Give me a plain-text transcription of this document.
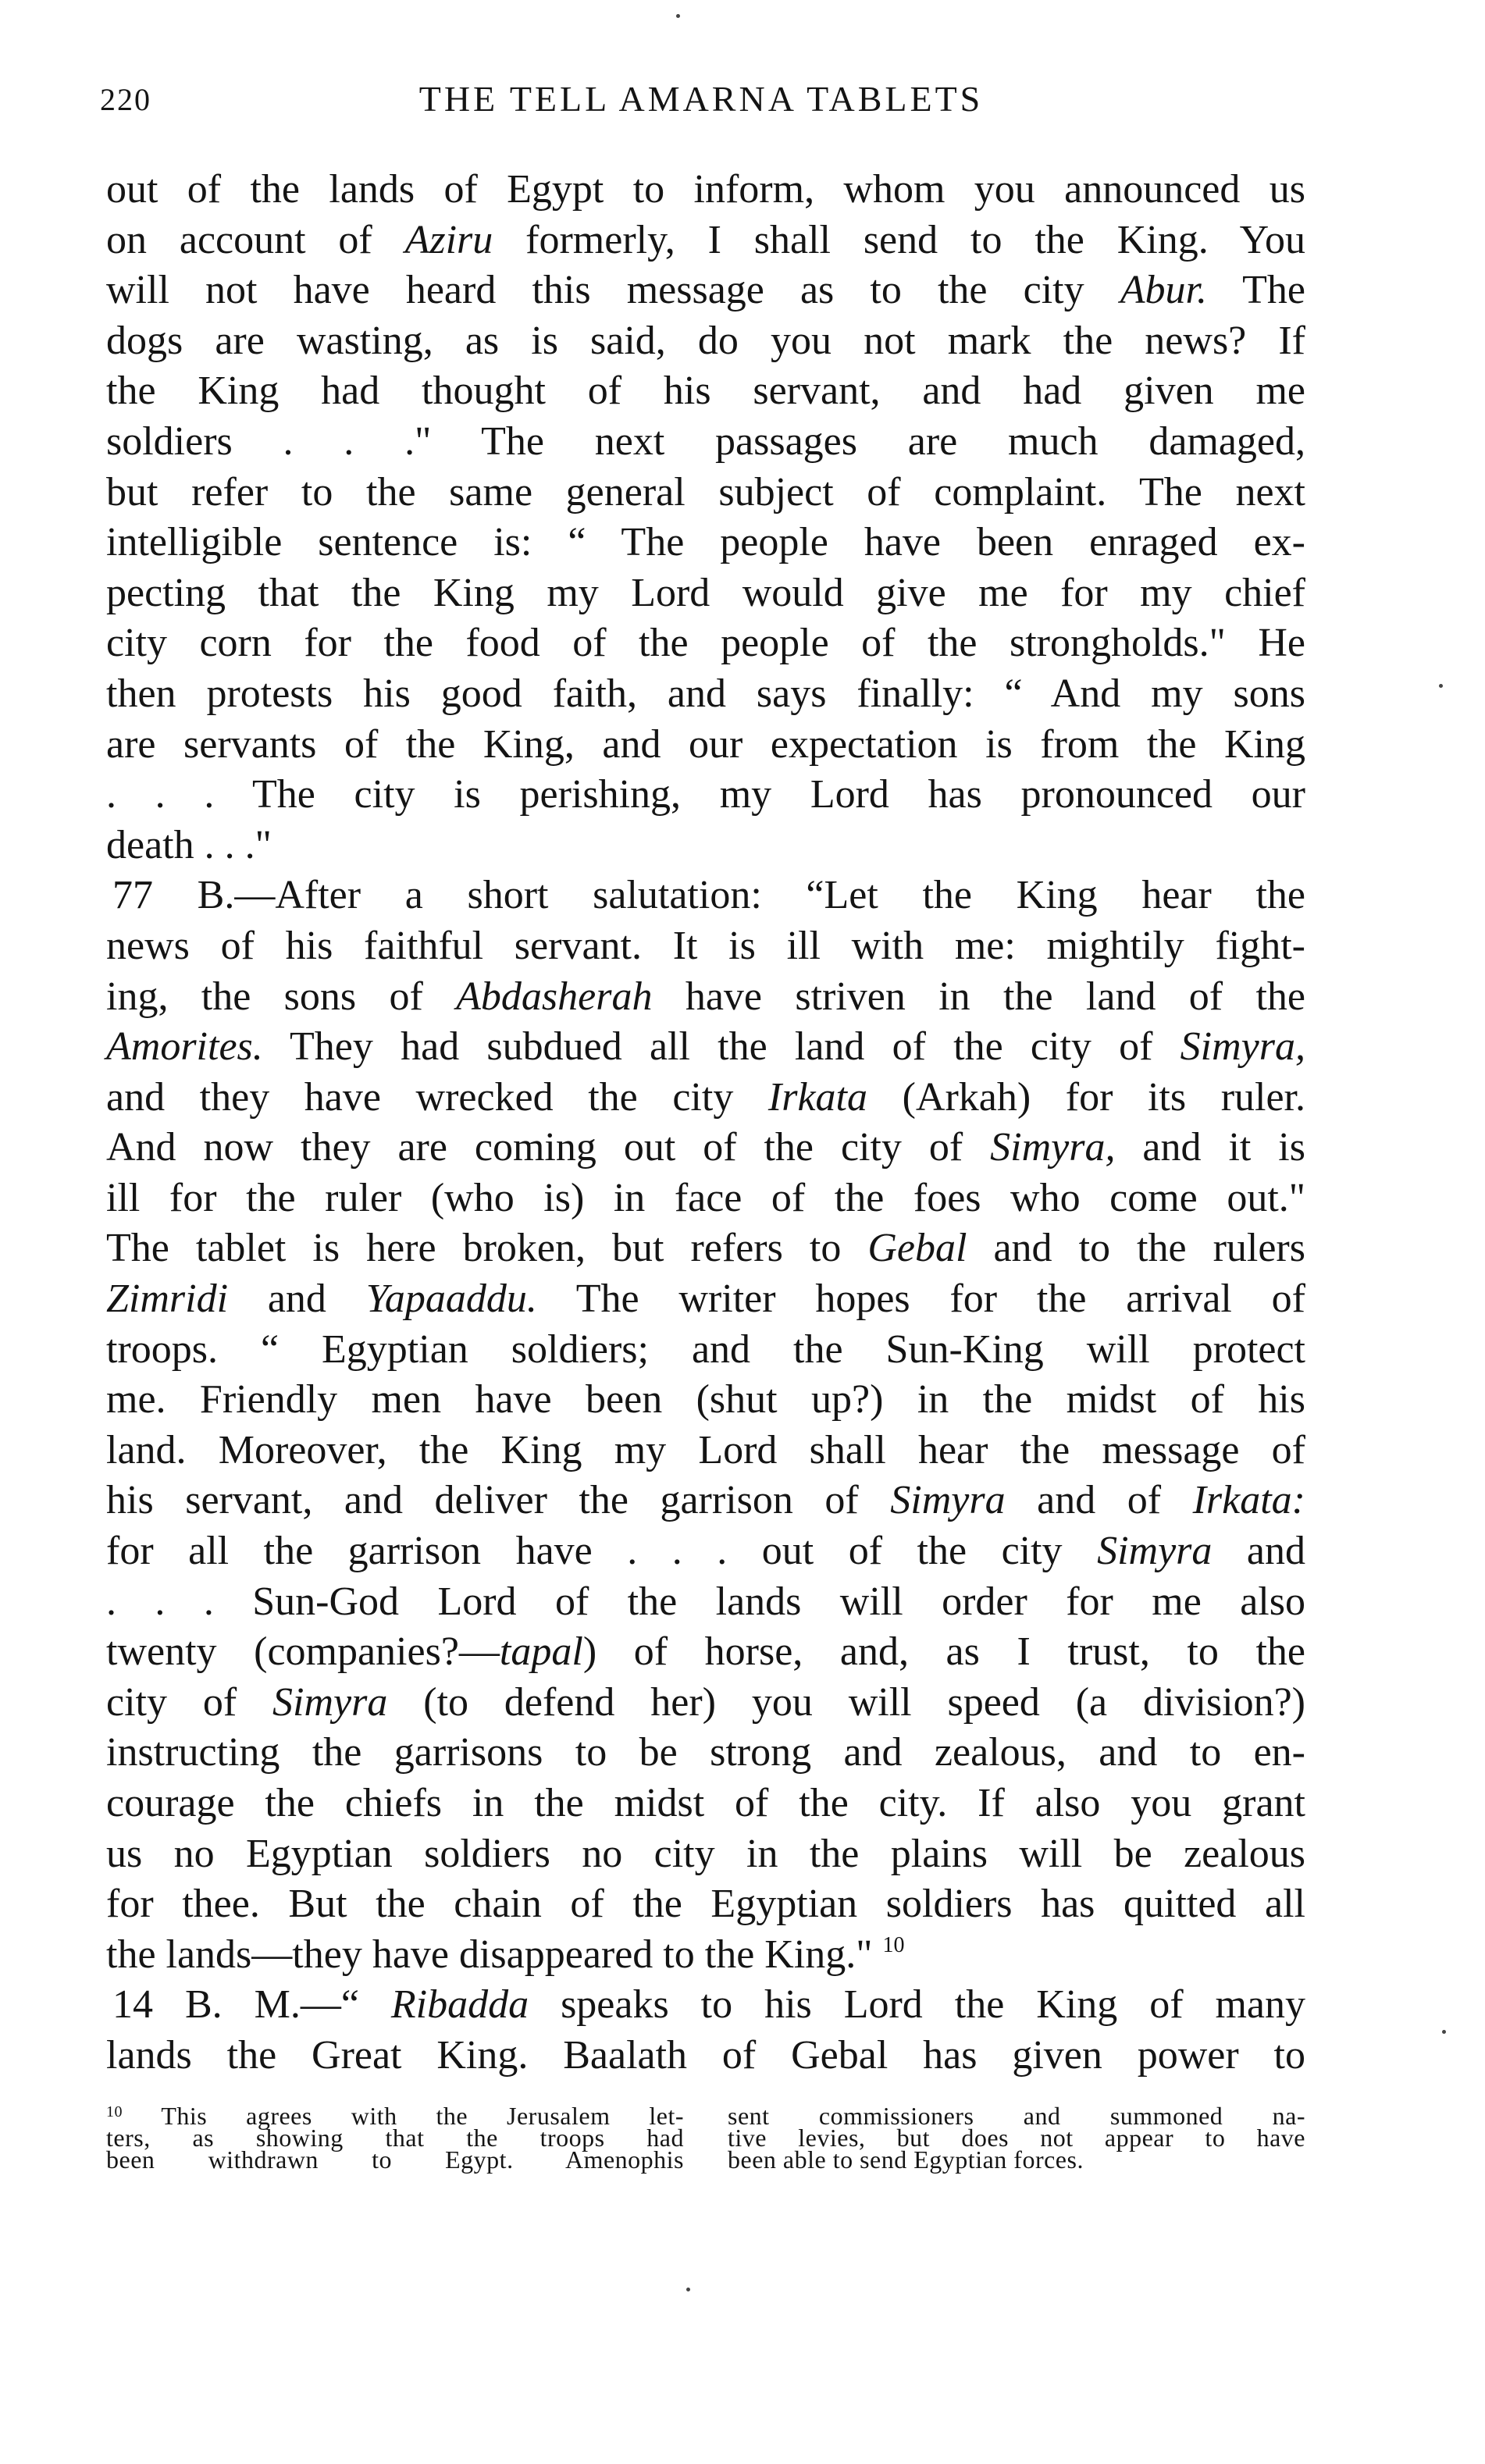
220	THE TELL AMARNA TABLETS
out of the lands of Egypt to inform, whom you announced us
on account of Aziru formerly, I shall send to the King. You
will not have heard this message as to the city Abur. The
dogs are wasting, as is said, do you not mark the news? If
the King had thought of his servant, and had given me
soldiers . . ." The next passages are much damaged,
but refer to the same general subject of complaint. The next
intelligible sentence is: “ The people have been enraged ex-
pecting that the King my Lord would give me for my chief
city corn for the food of the people of the strongholds." He
then protests his good faith, and says finally: “ And my sons
are servants of the King, and our expectation is from the King
. . . The city is perishing, my Lord has pronounced our
death . . ."
77 B.—After a short salutation: “Let the King hear the
news of his faithful servant. It is ill with me: mightily fight-
ing, the sons of Abdasherah have striven in the land of the
Amorites. They had subdued all the land of the city of Simyra,
and they have wrecked the city Irkata (Arkah) for its ruler.
And now they are coming out of the city of Simyra, and it is
ill for the ruler (who is) in face of the foes who come out."
The tablet is here broken, but refers to Gebal and to the rulers
Zimridi and Yapaaddu. The writer hopes for the arrival of
troops. “ Egyptian soldiers; and the Sun-King will protect
me. Friendly men have been (shut up?) in the midst of his
land. Moreover, the King my Lord shall hear the message of
his servant, and deliver the garrison of Simyra and of Irkata:
for all the garrison have . . . out of the city Simyra and
. . . Sun-God Lord of the lands will order for me also
twenty (companies?—tapal) of horse, and, as I trust, to the
city of Simyra (to defend her) you will speed (a division?)
instructing the garrisons to be strong and zealous, and to en-
courage the chiefs in the midst of the city. If also you grant
us no Egyptian soldiers no city in the plains will be zealous
for thee. But the chain of the Egyptian soldiers has quitted all
the lands—they have disappeared to the King." $^{10}$
14 B. M.—“ Ribadda speaks to his Lord the King of many
lands the Great King. Baalath of Gebal has given power to
$^{10}$ This agrees with the Jerusalem let-
ters, as showing that the troops had
been withdrawn to Egypt. Amenophis
sent commissioners and summoned na-
tive levies, but does not appear to have
been able to send Egyptian forces.
